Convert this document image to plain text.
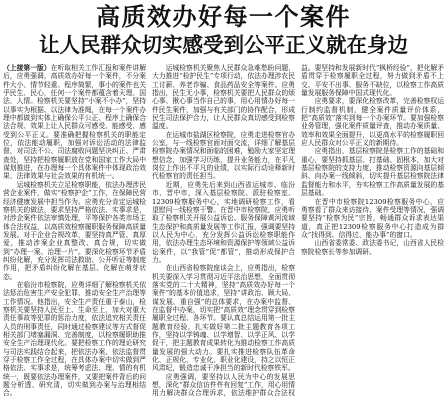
高质效办好每一个案件
让人民群众切实感受到公平正义就在身边

（上接第一版）在听取相关工作汇报和案件讲解后，应勇强调，高质效办好每一个案件，不分案件大小、情节轻重、程序简繁，事小的案件也关乎民生、民心，任何一个案件都蕴含着天理、国法、人情。检察机关要坚持“小案不小办”，坚持以事实为根据、以法律为准绳，在每一个案件办理中都做到实体上确保公平公正、程序上确保合法合规、效果上让人民群众可感受、能感受、感受到公平正义。要准确把握检察机关的职能定位，依法能动履职，加强对诉讼活动的法律监督，对司法不公、司法腐败问题坚决纠正、严肃查处，坚持把检察履职放在党和国家工作大局中谋划推进，在办理每一个具体案件中体现政治效果、法律效果与社会效果的有机统一。

运城检察机关立足检察职能，依法办理涉民营企业案件，做实“检察护企”工作，在保障民营经济健康发展中担当作为。应勇充分肯定运城检察机关的做法，要求坚持严格依法、实事求是，对涉企案件依法审慎处理，平等保护各类市场主体合法权益，以高质效检察履职服务保障高质量发展。对于企业合规改革，要坚持真严管、真厚爱，推动涉案企业真整改、真合规，切实做到“办理一案、治理一片”。要深化检察环节矛盾纠纷化解，充分发挥司法救助、公开听证等制度作用，把矛盾纠纷化解在基层、化解在萌芽状态。

在临汾市检察院，应勇详细了解检察机关依法惩治危害生产安全犯罪、推动安全生产治理等工作情况。他指出，安全生产责任重于泰山，检察机关要坚持人民至上、生命至上，加大对重大责任事故等犯罪的惩治力度，依法追究相关责任人员的刑事责任，同时通过检察建议等方式督促相关部门堵塞漏洞、完善制度，以检察履职助推安全生产治理现代化。要把检察工作的理论研究与司法实践结合起来，把依法办案、依法监督贯穿于检察工作全过程，在具体办案中切实做到严格依法、实事求是，统筹考虑法、理、情的有机统一，既要依法办理案件，又要把案件背后的问题分析透、研究清，切实做到办案与治理相结合。

运城检察机关聚焦人民群众急难愁盼问题，大力推进“检护民生”专项行动，依法办理涉农民工讨薪、养老诈骗、食品药品安全等案件。应勇指出，民生无小事，检察机关要把人民群众的烦心事、揪心事当作自己的事，用心用情办好每一件民生案件，加强与有关部门的协作配合，形成民生司法保护合力，让人民群众真切感受到检察温度。

在运城市盐湖区检察院，应勇走进检察官办公室，与一线检察官面对面交流，详细了解基层检察院办案情况和面临的困难，勉励大家坚定理想信念，加强学习历练，提升业务能力，在平凡岗位上作出不平凡的业绩，以实际行动诠释新时代检察官的责任担当。

近期，应勇先后来到山西省运城市、临汾市、晋中市，深入基层检察院、派驻检察室、12309检察服务中心，实地调研检察工作，看望慰问一线检察干警。在晋中市检察院，应勇听取了检察机关开展公益诉讼、服务保障黄河流域生态保护和高质量发展等工作汇报，强调要坚持以人民为中心，充分发挥公益诉讼检察职能作用，依法办理生态环境和资源保护等领域公益诉讼案件，以“我管”促“都管”，推动形成保护合力。

在山西省检察院座谈会上，应勇指出，检察机关要深入学习贯彻习近平法治思想，全面贯彻落实党的二十大精神，坚持“高质效办好每一个案件”的基本价值追求，坚持“讲政治、顾大局、谋发展、重自强”的总体要求，在办案中监督、在监督中办案，切实把“高质效”理念贯穿到检察履职全过程、各环节。要认真总结运用第一批主题教育经验，扎实做好第二批主题教育各项工作，坚持以学铸魂、以学增智、以学正风、以学促干，把主题教育成果转化为推动检察工作高质量发展的强大动力。要扎实推进检察队伍革命化、正规化、专业化、职业化建设，持之以恒正风肃纪，锻造忠诚干净担当的新时代检察铁军。

应勇强调，要坚持以人民为中心的发展思想，深化“群众信访件件有回复”工作，用心用情用力解决群众合理诉求，依法维护群众合法权益。要坚持和发展新时代“枫桥经验”，把化解矛盾贯穿于检察履职全过程，努力做到矛盾不上交、平安不出事、服务不缺位，以检察工作高质量发展服务保障中国式现代化。

应勇要求，要深化检察改革，完善检察权运行制约监督机制，健全案件质量评价体系，把“高质效”落实到每一个办案环节。要加强检察业务管理，强化案件质量评查，推动办案质量、效率和效果全面提升，以更高水平的检察履职回应人民群众对公平正义的新期待。

应勇指出，基层检察院是检察工作的基础和重心，要坚持抓基层、打基础、固根本，加大对基层检察院的支持力度，推动检察资源向基层倾斜、向办案一线倾斜，切实提升基层检察院法律监督能力和水平，夯实检察工作高质量发展的基层基础。

在晋中市检察院12309检察服务中心，应勇察看了群众来访接待、案件受理等情况，强调要坚持“检察为民”宗旨，畅通群众诉求表达渠道，真正把12309检察服务中心打造成为群众“找得到、信得过、能办事”的窗口。

山西省委常委、政法委书记，山西省人民检察院检察长等参加调研。
